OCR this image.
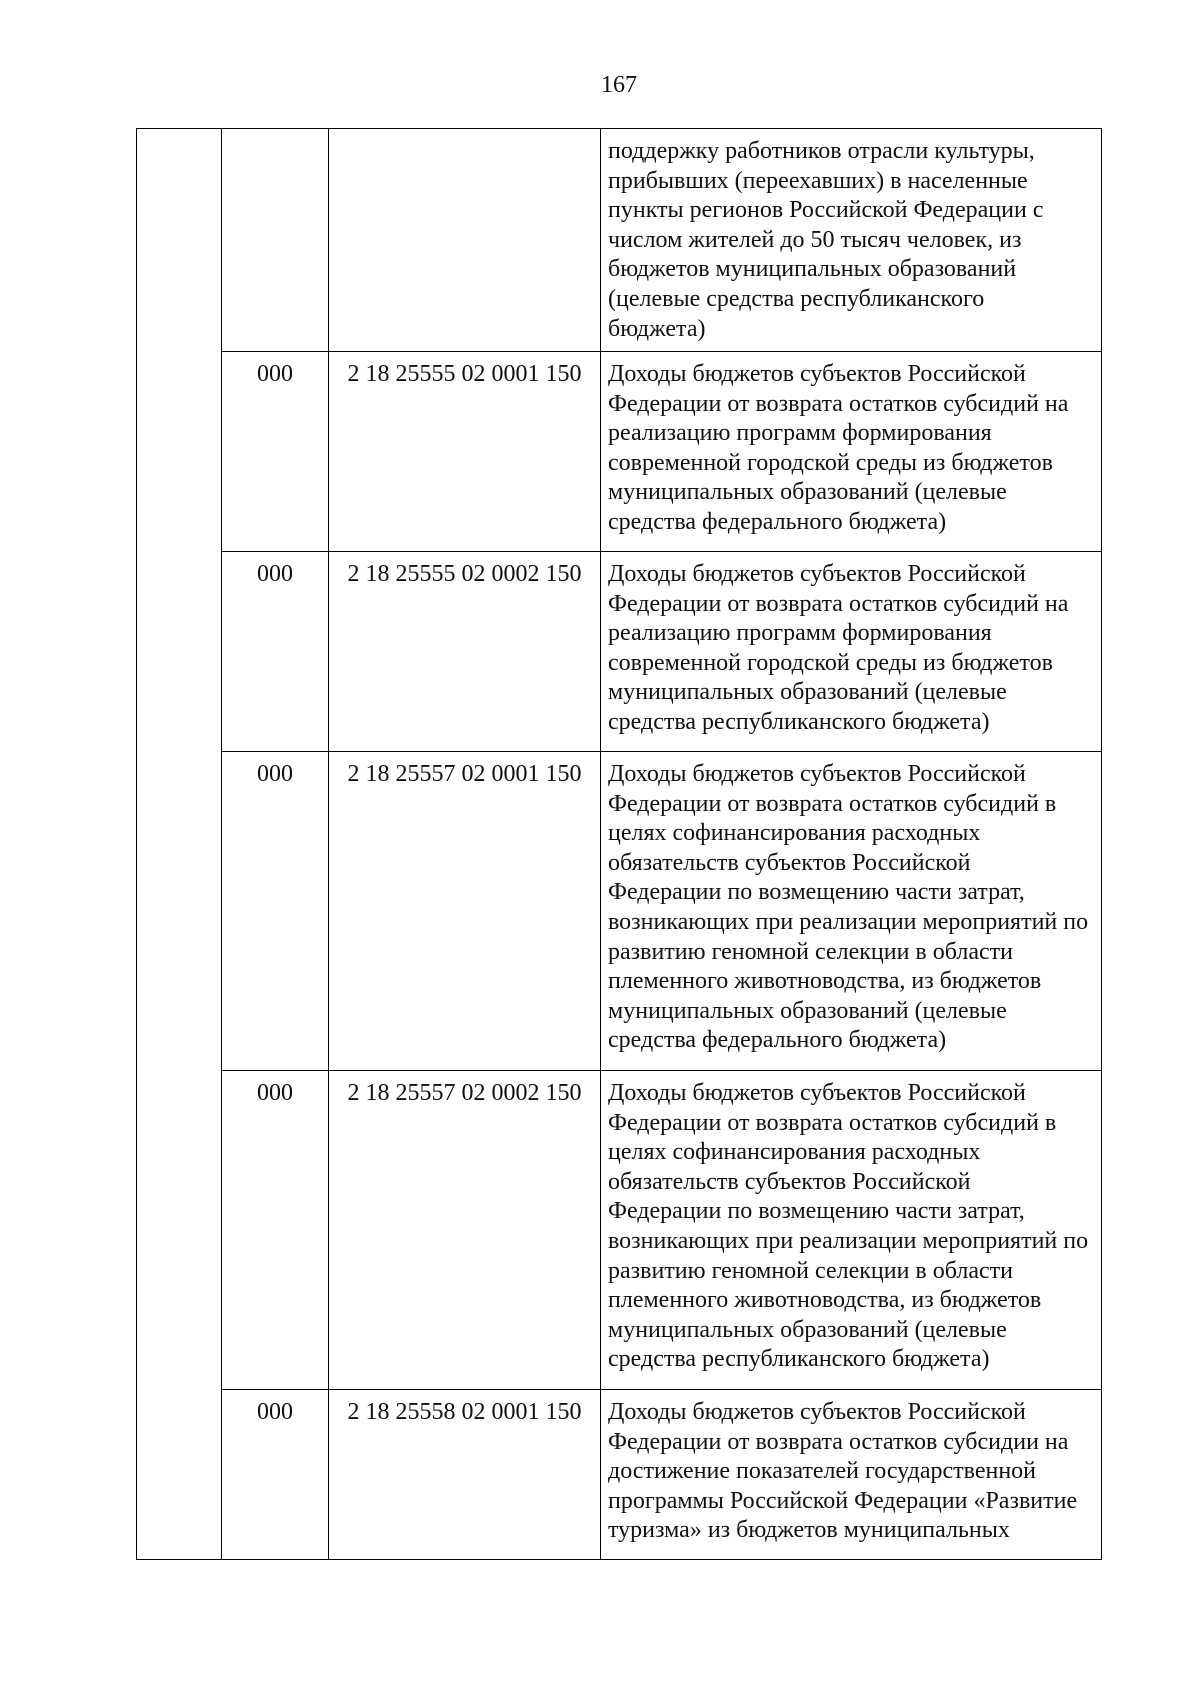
167
поддержку работников отрасли культуры,
прибывших (переехавших) в населенные
пункты регионов Российской Федерации с
числом жителей до 50 тысяч человек, из
бюджетов муниципальных образований
(целевые средства республиканского
бюджета)
000	2 18 25555 02 0001 150	Доходы бюджетов субъектов Российской
Федерации от возврата остатков субсидий на
реализацию программ формирования
современной городской среды из бюджетов
муниципальных образований (целевые
средства федерального бюджета)
000	2 18 25555 02 0002 150	Доходы бюджетов субъектов Российской
Федерации от возврата остатков субсидий на
реализацию программ формирования
современной городской среды из бюджетов
муниципальных образований (целевые
средства республиканского бюджета)
000	2 18 25557 02 0001 150	Доходы бюджетов субъектов Российской
Федерации от возврата остатков субсидий в
целях софинансирования расходных
обязательств субъектов Российской
Федерации по возмещению части затрат,
возникающих при реализации мероприятий по
развитию геномной селекции в области
племенного животноводства, из бюджетов
муниципальных образований (целевые
средства федерального бюджета)
000	2 18 25557 02 0002 150	Доходы бюджетов субъектов Российской
Федерации от возврата остатков субсидий в
целях софинансирования расходных
обязательств субъектов Российской
Федерации по возмещению части затрат,
возникающих при реализации мероприятий по
развитию геномной селекции в области
племенного животноводства, из бюджетов
муниципальных образований (целевые
средства республиканского бюджета)
000	2 18 25558 02 0001 150	Доходы бюджетов субъектов Российской
Федерации от возврата остатков субсидии на
достижение показателей государственной
программы Российской Федерации «Развитие
туризма» из бюджетов муниципальных
